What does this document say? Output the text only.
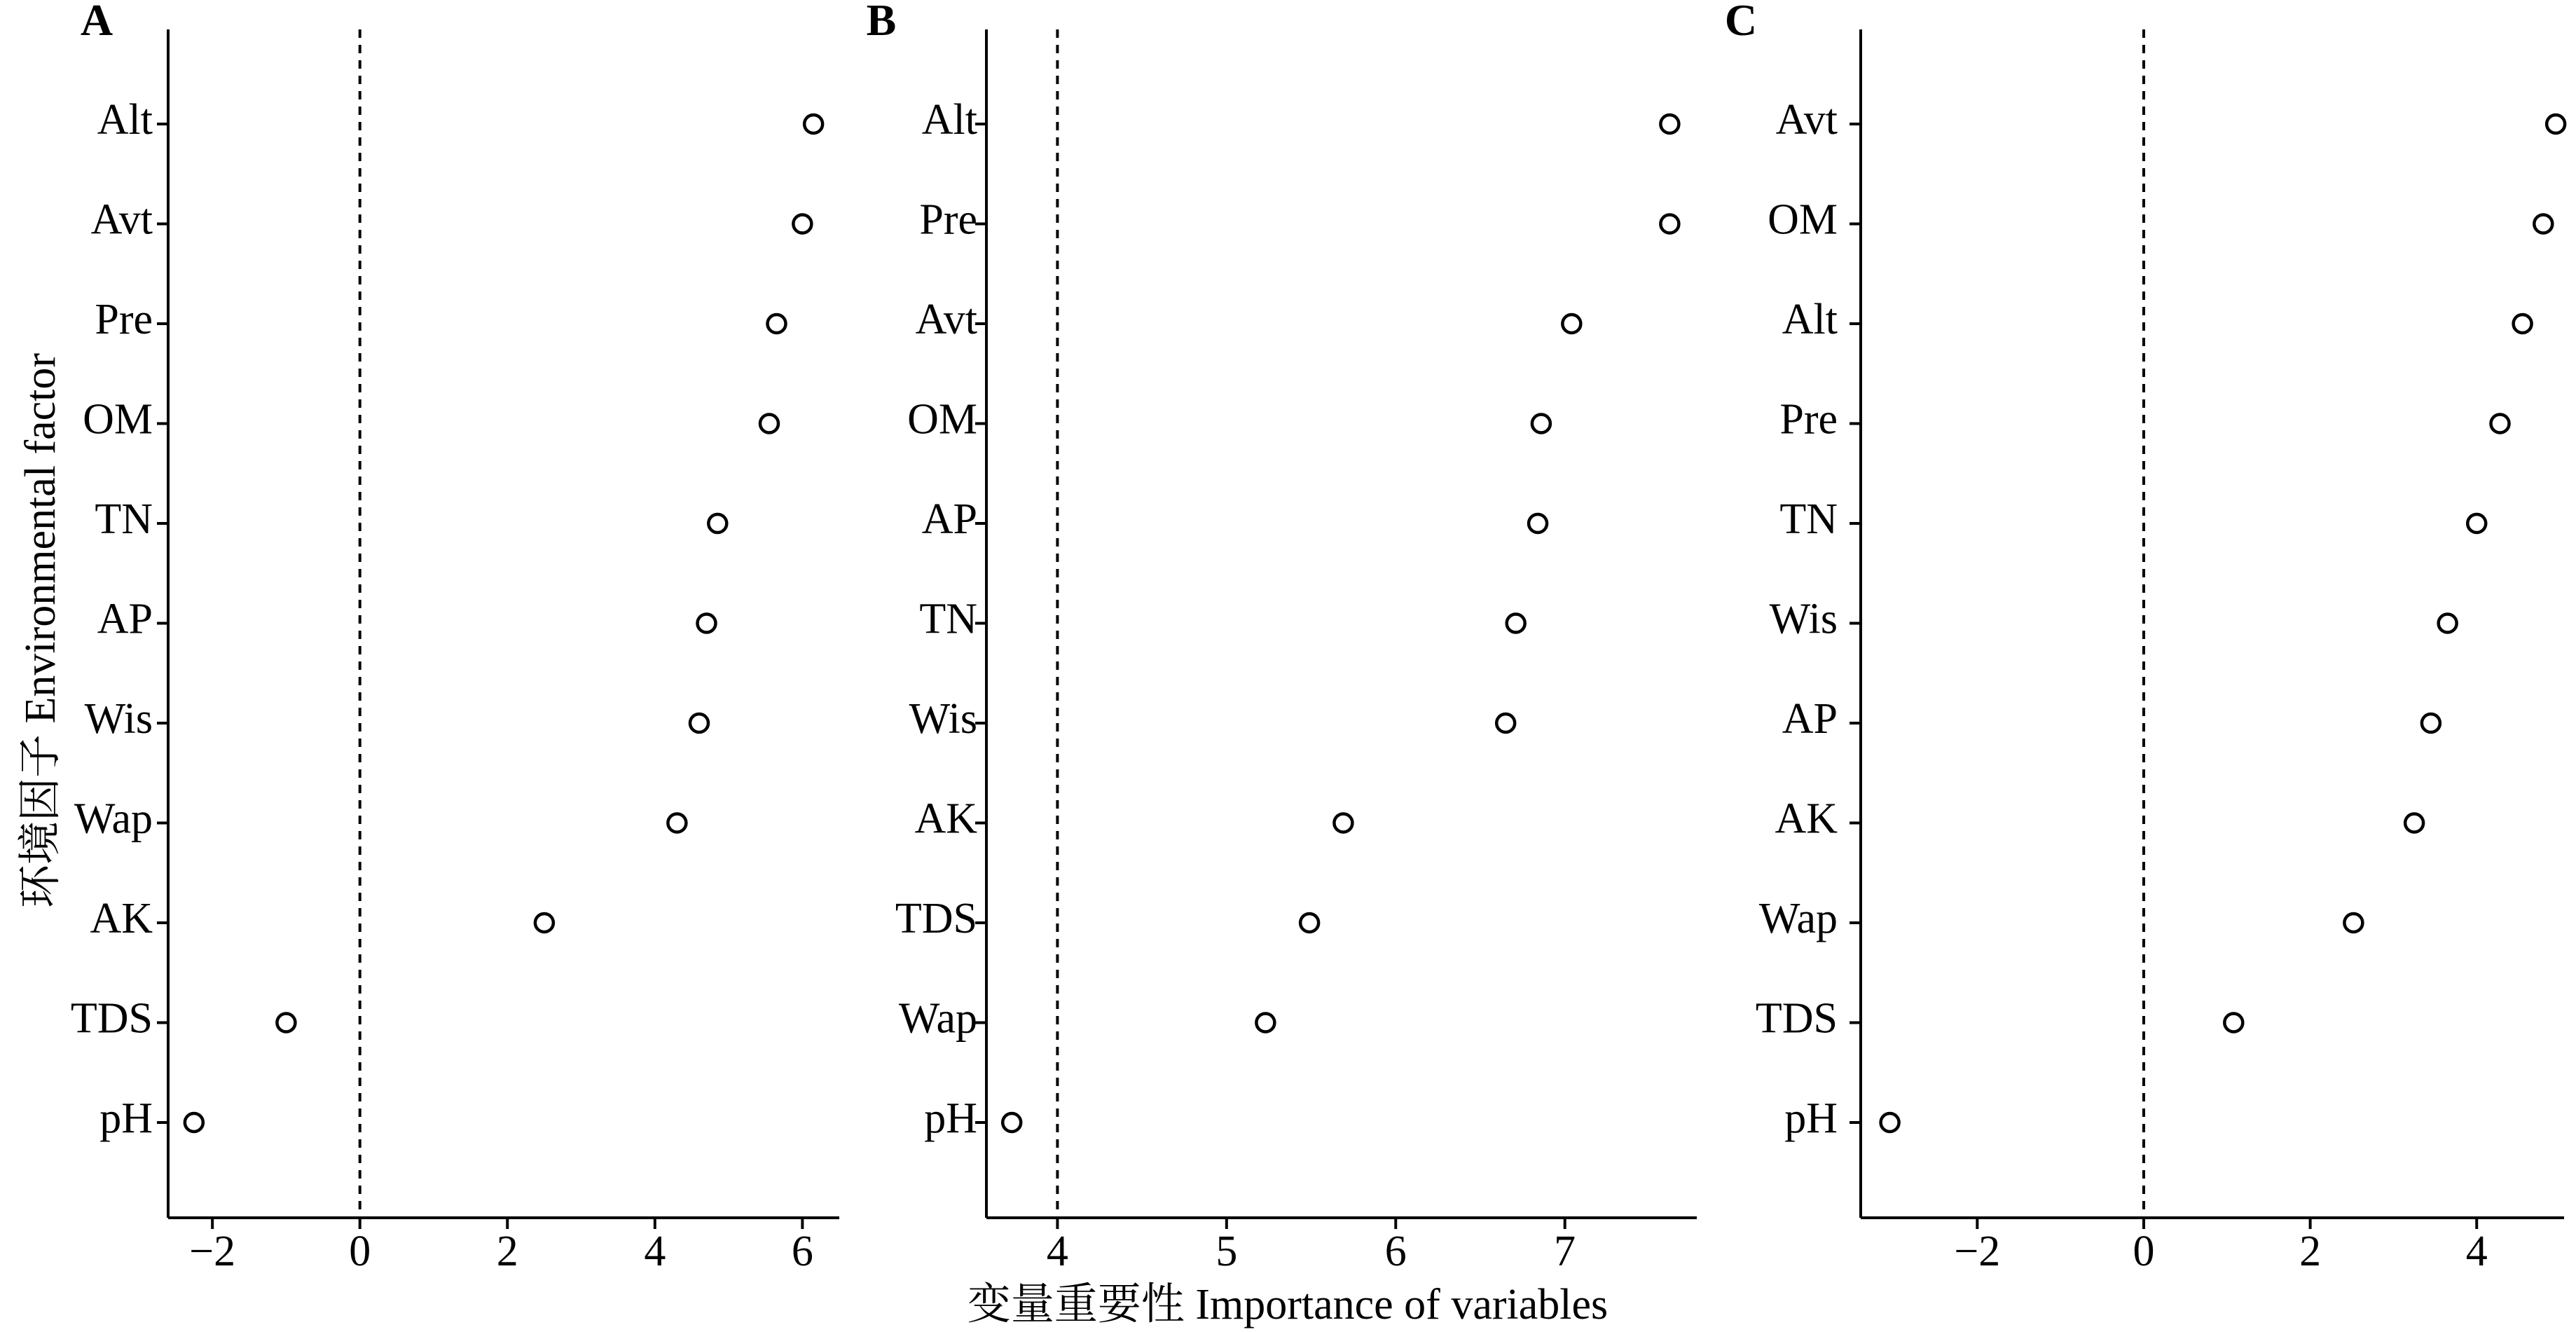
环境因子 Environmental factor
变量重要性 Importance of variables
A
−2	0	2	4	6
Alt
Avt
Pre
OM
TN
AP
Wis
Wap
AK
TDS
pH
B
4	5	6	7
Alt
Pre
Avt
OM
AP
TN
Wis
AK
TDS
Wap
pH
C
−2	0	2	4
Avt
OM
Alt
Pre
TN
Wis
AP
AK
Wap
TDS
pH
